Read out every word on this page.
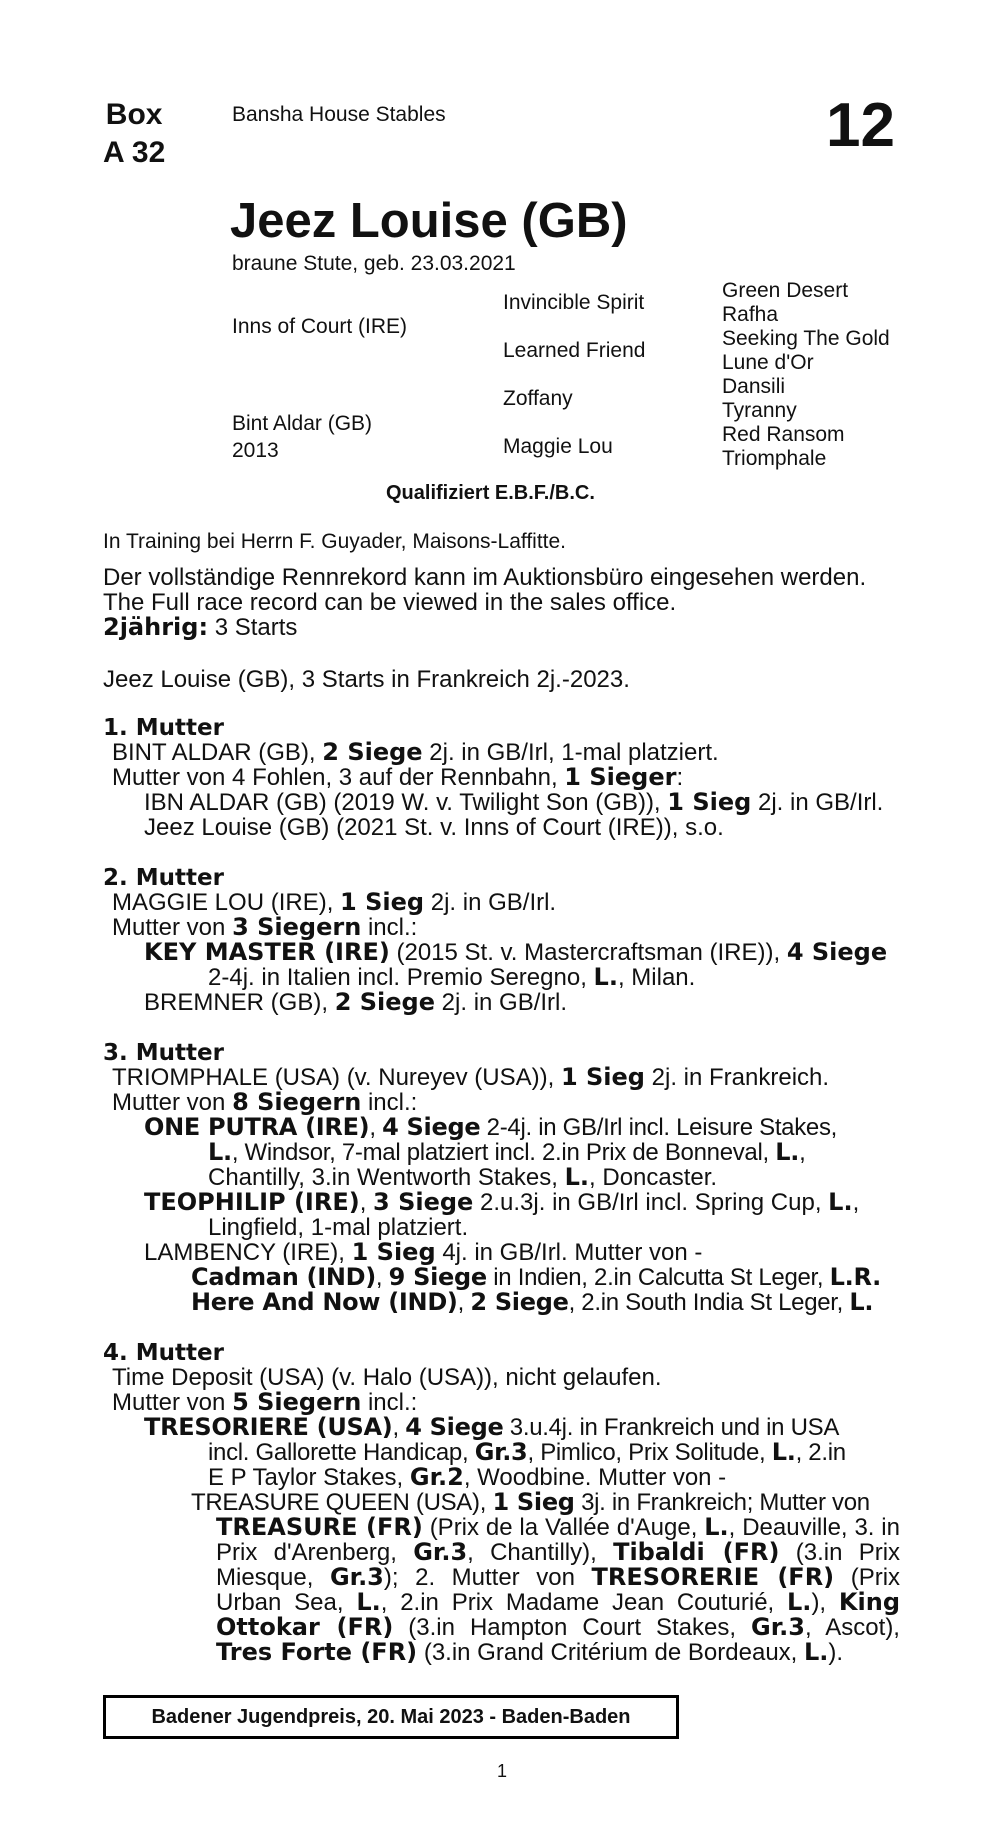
Box
A 32
Bansha House Stables	12
Jeez Louise (GB)
braune Stute, geb. 23.03.2021
Inns of Court (IRE)
Bint Aldar (GB)
2013
Invincible Spirit
Learned Friend
Zoffany
Maggie Lou
Green Desert
Rafha
Seeking The Gold
Lune d'Or
Dansili
Tyranny
Red Ransom
Triomphale
Qualifiziert E.B.F./B.C.
In Training bei Herrn F. Guyader, Maisons-Laffitte.
Der vollständige Rennrekord kann im Auktionsbüro eingesehen werden.
The Full race record can be viewed in the sales office.
2jährig: 3 Starts
Jeez Louise (GB), 3 Starts in Frankreich 2j.-2023.
1. Mutter
BINT ALDAR (GB), 2 Siege 2j. in GB/Irl, 1-mal platziert.
Mutter von 4 Fohlen, 3 auf der Rennbahn, 1 Sieger:
IBN ALDAR (GB) (2019 W. v. Twilight Son (GB)), 1 Sieg 2j. in GB/Irl.
Jeez Louise (GB) (2021 St. v. Inns of Court (IRE)), s.o.
2. Mutter
MAGGIE LOU (IRE), 1 Sieg 2j. in GB/Irl.
Mutter von 3 Siegern incl.:
KEY MASTER (IRE) (2015 St. v. Mastercraftsman (IRE)), 4 Siege
2-4j. in Italien incl. Premio Seregno, L., Milan.
BREMNER (GB), 2 Siege 2j. in GB/Irl.
3. Mutter
TRIOMPHALE (USA) (v. Nureyev (USA)), 1 Sieg 2j. in Frankreich.
Mutter von 8 Siegern incl.:
ONE PUTRA (IRE), 4 Siege 2-4j. in GB/Irl incl. Leisure Stakes,
L., Windsor, 7-mal platziert incl. 2.in Prix de Bonneval, L.,
Chantilly, 3.in Wentworth Stakes, L., Doncaster.
TEOPHILIP (IRE), 3 Siege 2.u.3j. in GB/Irl incl. Spring Cup, L.,
Lingfield, 1-mal platziert.
LAMBENCY (IRE), 1 Sieg 4j. in GB/Irl. Mutter von -
Cadman (IND), 9 Siege in Indien, 2.in Calcutta St Leger, L.R.
Here And Now (IND), 2 Siege, 2.in South India St Leger, L.
4. Mutter
Time Deposit (USA) (v. Halo (USA)), nicht gelaufen.
Mutter von 5 Siegern incl.:
TRESORIERE (USA), 4 Siege 3.u.4j. in Frankreich und in USA
incl. Gallorette Handicap, Gr.3, Pimlico, Prix Solitude, L., 2.in
E P Taylor Stakes, Gr.2, Woodbine. Mutter von -
TREASURE QUEEN (USA), 1 Sieg 3j. in Frankreich; Mutter von
TREASURE (FR) (Prix de la Vallée d'Auge, L., Deauville, 3. in Prix d'Arenberg, Gr.3, Chantilly), Tibaldi (FR) (3.in Prix Miesque, Gr.3); 2. Mutter von TRESORERIE (FR) (Prix Urban Sea, L., 2.in Prix Madame Jean Couturié, L.), King Ottokar (FR) (3.in Hampton Court Stakes, Gr.3, Ascot), Tres Forte (FR) (3.in Grand Critérium de Bordeaux, L.).
Badener Jugendpreis, 20. Mai 2023 - Baden-Baden
1
